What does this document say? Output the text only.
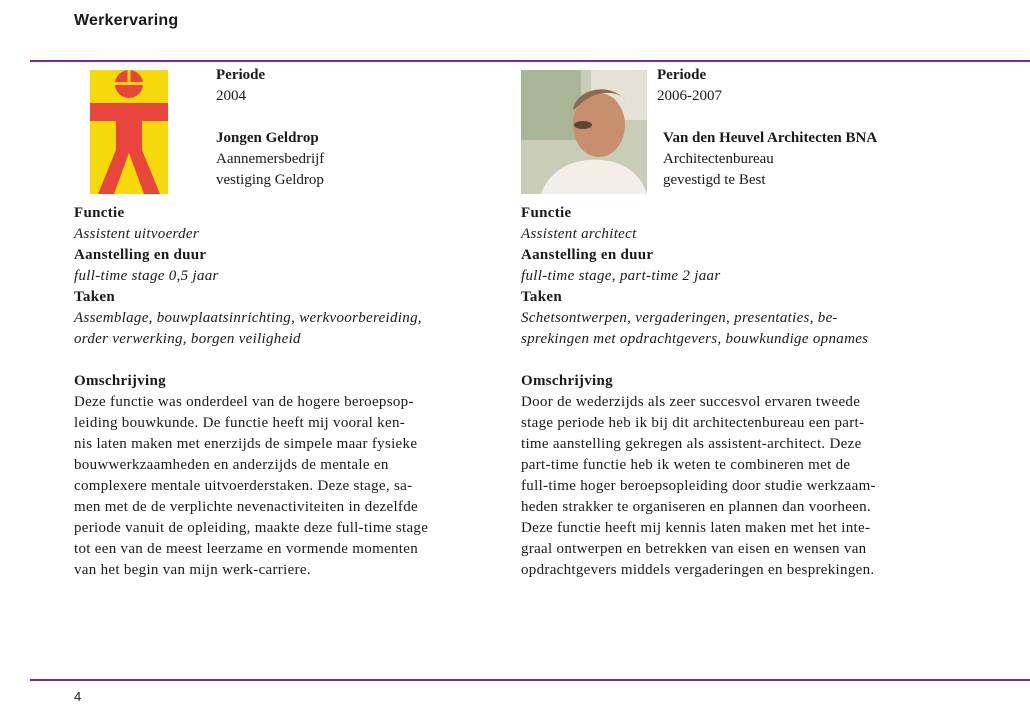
Werkervaring
Periode
2004
Jongen Geldrop
Aannemersbedrijf
vestiging Geldrop
Functie
Assistent uitvoerder
Aanstelling en duur
full-time stage 0,5 jaar
Taken
Assemblage, bouwplaatsinrichting, werkvoorbereiding,
order verwerking, borgen veiligheid
Omschrijving
Deze functie was onderdeel van de hogere beroepsop-
leiding bouwkunde. De functie heeft mij vooral ken-
nis laten maken met enerzijds de simpele maar fysieke
bouwwerkzaamheden en anderzijds de mentale en
complexere mentale uitvoerderstaken. Deze stage, sa-
men met de de verplichte nevenactiviteiten in dezelfde
periode vanuit de opleiding, maakte deze full-time stage
tot een van de meest leerzame en vormende momenten
van het begin van mijn werk-carriere.
Periode
2006-2007
Van den Heuvel Architecten BNA
Architectenbureau
gevestigd te Best
Functie
Assistent architect
Aanstelling en duur
full-time stage, part-time 2 jaar
Taken
Schetsontwerpen, vergaderingen, presentaties, be-
sprekingen met opdrachtgevers, bouwkundige opnames
Omschrijving
Door de wederzijds als zeer succesvol ervaren tweede
stage periode heb ik bij dit architectenbureau een part-
time aanstelling gekregen als assistent-architect. Deze
part-time functie heb ik weten te combineren met de
full-time hoger beroepsopleiding door studie werkzaam-
heden strakker te organiseren en plannen dan voorheen.
Deze functie heeft mij kennis laten maken met het inte-
graal ontwerpen en betrekken van eisen en wensen van
opdrachtgevers middels vergaderingen en besprekingen.
4
